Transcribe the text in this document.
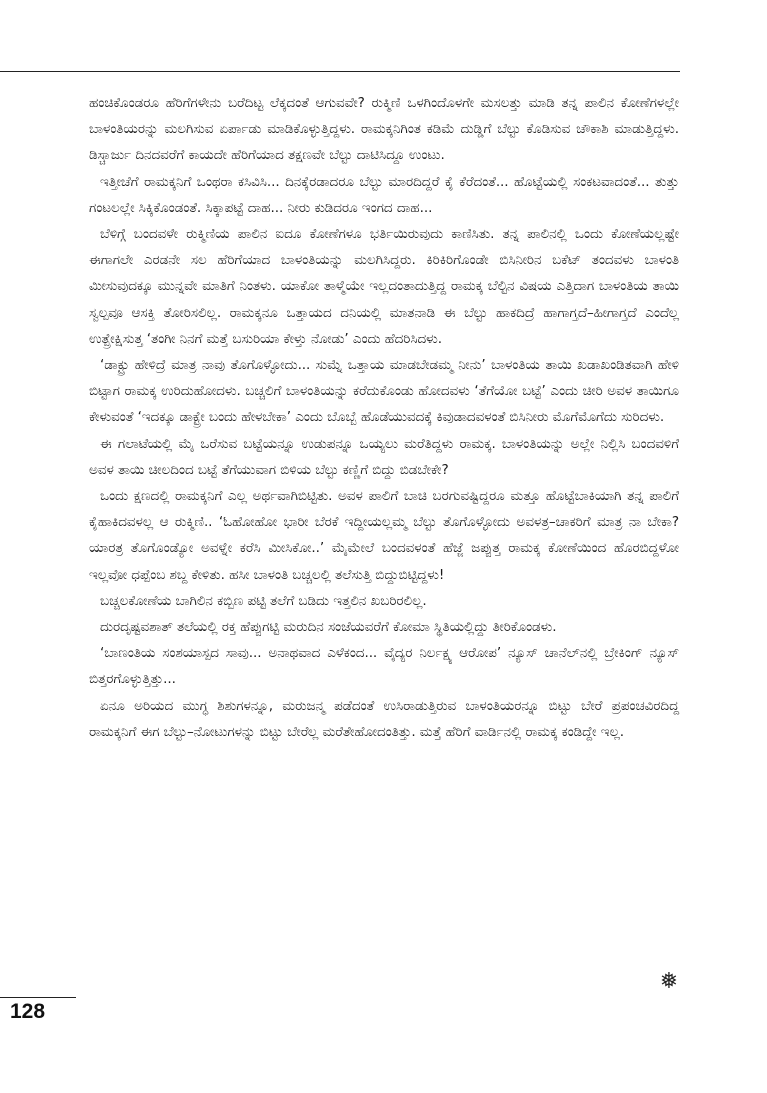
ಹಂಚಿಕೊಂಡರೂ ಹೆರಿಗೆಗಳೇನು ಬರೆದಿಟ್ಟ ಲೆಕ್ಕದಂತೆ ಆಗುವವೇ? ರುಕ್ಮಿಣಿ ಒಳಗಿಂದೊಳಗೇ ಮಸಲತ್ತು ಮಾಡಿ ತನ್ನ ಪಾಲಿನ ಕೋಣೆಗಳಲ್ಲೇ ಬಾಳಂತಿಯರನ್ನು ಮಲಗಿಸುವ ಏರ್ಪಾಡು ಮಾಡಿಕೊಳ್ಳುತ್ತಿದ್ದಳು. ರಾಮಕ್ಕನಿಗಿಂತ ಕಡಿಮೆ ದುಡ್ಡಿಗೆ ಬೆಲ್ಟು ಕೊಡಿಸುವ ಚೌಕಾಶಿ ಮಾಡುತ್ತಿದ್ದಳು. ಡಿಸ್ಚಾರ್ಜು ದಿನದವರೆಗೆ ಕಾಯದೇ ಹೆರಿಗೆಯಾದ ತಕ್ಷಣವೇ ಬೆಲ್ಟು ದಾಟಿಸಿದ್ದೂ ಉಂಟು.

ಇತ್ತೀಚೆಗೆ ರಾಮಕ್ಕನಿಗೆ ಒಂಥರಾ ಕಸಿವಿಸಿ... ದಿನಕ್ಕೆರಡಾದರೂ ಬೆಲ್ಟು ಮಾರದಿದ್ದರೆ ಕೈ ಕೆರೆದಂತೆ... ಹೊಟ್ಟೆಯಲ್ಲಿ ಸಂಕಟವಾದಂತೆ... ತುತ್ತು ಗಂಟಲಲ್ಲೇ ಸಿಕ್ಕಿಕೊಂಡಂತೆ. ಸಿಕ್ಕಾಪಟ್ಟೆ ದಾಹ... ನೀರು ಕುಡಿದರೂ ಇಂಗದ ದಾಹ...

ಬೆಳಿಗ್ಗೆ ಬಂದವಳೇ ರುಕ್ಮಿಣಿಯ ಪಾಲಿನ ಐದೂ ಕೋಣೆಗಳೂ ಭರ್ತಿಯಿರುವುದು ಕಾಣಿಸಿತು. ತನ್ನ ಪಾಲಿನಲ್ಲಿ ಒಂದು ಕೋಣೆಯಲ್ಲಷ್ಟೇ ಈಗಾಗಲೇ ಎರಡನೇ ಸಲ ಹೆರಿಗೆಯಾದ ಬಾಳಂತಿಯನ್ನು ಮಲಗಿಸಿದ್ದರು. ಕಿರಿಕಿರಿಗೊಂಡೇ ಬಿಸಿನೀರಿನ ಬಕೆಟ್ ತಂದವಳು ಬಾಳಂತಿ ಮೀಸುವುದಕ್ಕೂ ಮುನ್ನವೇ ಮಾತಿಗೆ ನಿಂತಳು. ಯಾಕೋ ತಾಳ್ಮೆಯೇ ಇಲ್ಲದಂತಾದುತ್ತಿದ್ದ ರಾಮಕ್ಕ ಬೆಲ್ಟಿನ ವಿಷಯ ಎತ್ತಿದಾಗ ಬಾಳಂತಿಯ ತಾಯಿ ಸ್ವಲ್ಪವೂ ಆಸಕ್ತಿ ತೋರಿಸಲಿಲ್ಲ. ರಾಮಕ್ಕನೂ ಒತ್ತಾಯದ ದನಿಯಲ್ಲಿ ಮಾತನಾಡಿ ಈ ಬೆಲ್ಟು ಹಾಕದಿದ್ರೆ ಹಾಗಾಗ್ತದೆ–ಹೀಗಾಗ್ತದೆ ಎಂದೆಲ್ಲ ಉತ್ಪ್ರೇಕ್ಷಿಸುತ್ತ ‘ತಂಗೀ ನಿನಗೆ ಮತ್ತೆ ಬಸುರಿಯಾ ಕೇಳ್ತು ನೋಡು’ ಎಂದು ಹೆದರಿಸಿದಳು.

‘ಡಾಕ್ಟ್ರು ಹೇಳಿದ್ರೆ ಮಾತ್ರ ನಾವು ತೊಗೊಳ್ಳೋದು... ಸುಮ್ನೆ ಒತ್ತಾಯ ಮಾಡಬೇಡಮ್ಮ ನೀನು’ ಬಾಳಂತಿಯ ತಾಯಿ ಖಡಾಖಂಡಿತವಾಗಿ ಹೇಳಿ ಬಿಟ್ಟಾಗ ರಾಮಕ್ಕ ಉರಿದುಹೋದಳು. ಬಚ್ಚಲಿಗೆ ಬಾಳಂತಿಯನ್ನು ಕರೆದುಕೊಂಡು ಹೋದವಳು ‘ತೆಗೆಯೋ ಬಟ್ಟೆ’ ಎಂದು ಚೀರಿ ಅವಳ ತಾಯಿಗೂ ಕೇಳುವಂತೆ ‘ಇದಕ್ಕೂ ಡಾಕ್ಟ್ರೇ ಬಂದು ಹೇಳಬೇಕಾ’ ಎಂದು ಬೊಬ್ಬೆ ಹೊಡೆಯುವದಕ್ಕೆ ಕಿವುಡಾದವಳಂತೆ ಬಿಸಿನೀರು ಮೊಗೆಮೊಗೆದು ಸುರಿದಳು.

ಈ ಗಲಾಟೆಯಲ್ಲಿ ಮೈ ಒರೆಸುವ ಬಟ್ಟೆಯನ್ನೂ ಉಡುಪನ್ನೂ ಒಯ್ಯಲು ಮರೆತಿದ್ದಳು ರಾಮಕ್ಕ. ಬಾಳಂತಿಯನ್ನು ಅಲ್ಲೇ ನಿಲ್ಲಿಸಿ ಬಂದವಳಿಗೆ ಅವಳ ತಾಯಿ ಚೀಲದಿಂದ ಬಟ್ಟೆ ತೆಗೆಯುವಾಗ ಬಿಳಿಯ ಬೆಲ್ಟು ಕಣ್ಣಿಗೆ ಬಿದ್ದು ಬಿಡಬೇಕೇ?

ಒಂದು ಕ್ಷಣದಲ್ಲಿ ರಾಮಕ್ಕನಿಗೆ ಎಲ್ಲ ಅರ್ಥವಾಗಿಬಿಟ್ಟಿತು. ಅವಳ ಪಾಲಿಗೆ ಬಾಚಿ ಬರಗುವಷ್ಟಿದ್ದರೂ ಮತ್ತೂ ಹೊಟ್ಟೆಬಾಕಿಯಾಗಿ ತನ್ನ ಪಾಲಿಗೆ ಕೈಹಾಕಿದವಳಲ್ಲ ಆ ರುಕ್ಮಿಣಿ.. ‘ಓಹೋಹೋ ಭಾರೀ ಬೆರಕೆ ಇದ್ದೀಯಲ್ಲಮ್ಮ ಬೆಲ್ಟು ತೊಗೊಳ್ಳೋದು ಅವಳತ್ರ–ಚಾಕರಿಗೆ ಮಾತ್ರ ನಾ ಬೇಕಾ? ಯಾರತ್ರ ತೊಗೊಂಡ್ಯೋ ಅವಳ್ನೇ ಕರೆಸಿ ಮೀಸಿಕೋ..’ ಮೈಮೇಲೆ ಬಂದವಳಂತೆ ಹೆಜ್ಜೆ ಜಪ್ಪುತ್ತ ರಾಮಕ್ಕ ಕೋಣೆಯಿಂದ ಹೊರಬಿದ್ದಳೋ ಇಲ್ಲವೋ ಧಪ್ಪೆಂಬ ಶಬ್ದ ಕೇಳಿತು. ಹಸೀ ಬಾಳಂತಿ ಬಚ್ಚಲಲ್ಲಿ ತಲೆಸುತ್ತಿ ಬಿದ್ದುಬಿಟ್ಟಿದ್ದಳು!

ಬಚ್ಚಲಕೋಣೆಯ ಬಾಗಿಲಿನ ಕಬ್ಬಿಣ ಪಟ್ಟಿ ತಲೆಗೆ ಬಡಿದು ಇತ್ತಲಿನ ಖಬರಿರಲಿಲ್ಲ.

ದುರದೃಷ್ಟವಶಾತ್ ತಲೆಯಲ್ಲಿ ರಕ್ತ ಹೆಪ್ಪುಗಟ್ಟಿ ಮರುದಿನ ಸಂಜೆಯವರೆಗೆ ಕೋಮಾ ಸ್ಥಿತಿಯಲ್ಲಿದ್ದು ತೀರಿಕೊಂಡಳು.

‘ಬಾಣಂತಿಯ ಸಂಶಯಾಸ್ಪದ ಸಾವು... ಅನಾಥವಾದ ಎಳೆಕಂದ... ವೈದ್ಯರ ನಿರ್ಲಕ್ಷ್ಯ ಆರೋಪ’ ನ್ಯೂಸ್ ಚಾನೆಲ್‌ನಲ್ಲಿ ಬ್ರೇಕಿಂಗ್ ನ್ಯೂಸ್ ಬಿತ್ತರಗೊಳ್ಳುತ್ತಿತ್ತು...

ಏನೂ ಅರಿಯದ ಮುಗ್ಧ ಶಿಶುಗಳನ್ನೂ, ಮರುಜನ್ಮ ಪಡೆದಂತೆ ಉಸಿರಾಡುತ್ತಿರುವ ಬಾಳಂತಿಯರನ್ನೂ ಬಿಟ್ಟು ಬೇರೆ ಪ್ರಪಂಚವಿರದಿದ್ದ ರಾಮಕ್ಕನಿಗೆ ಈಗ ಬೆಲ್ಟು–ನೋಟುಗಳನ್ನು ಬಿಟ್ಟು ಬೇರೆಲ್ಲ ಮರೆತೇಹೋದಂತಿತ್ತು. ಮತ್ತೆ ಹೆರಿಗೆ ವಾರ್ಡಿನಲ್ಲಿ ರಾಮಕ್ಕ ಕಂಡಿದ್ದೇ ಇಲ್ಲ.

❅
128
